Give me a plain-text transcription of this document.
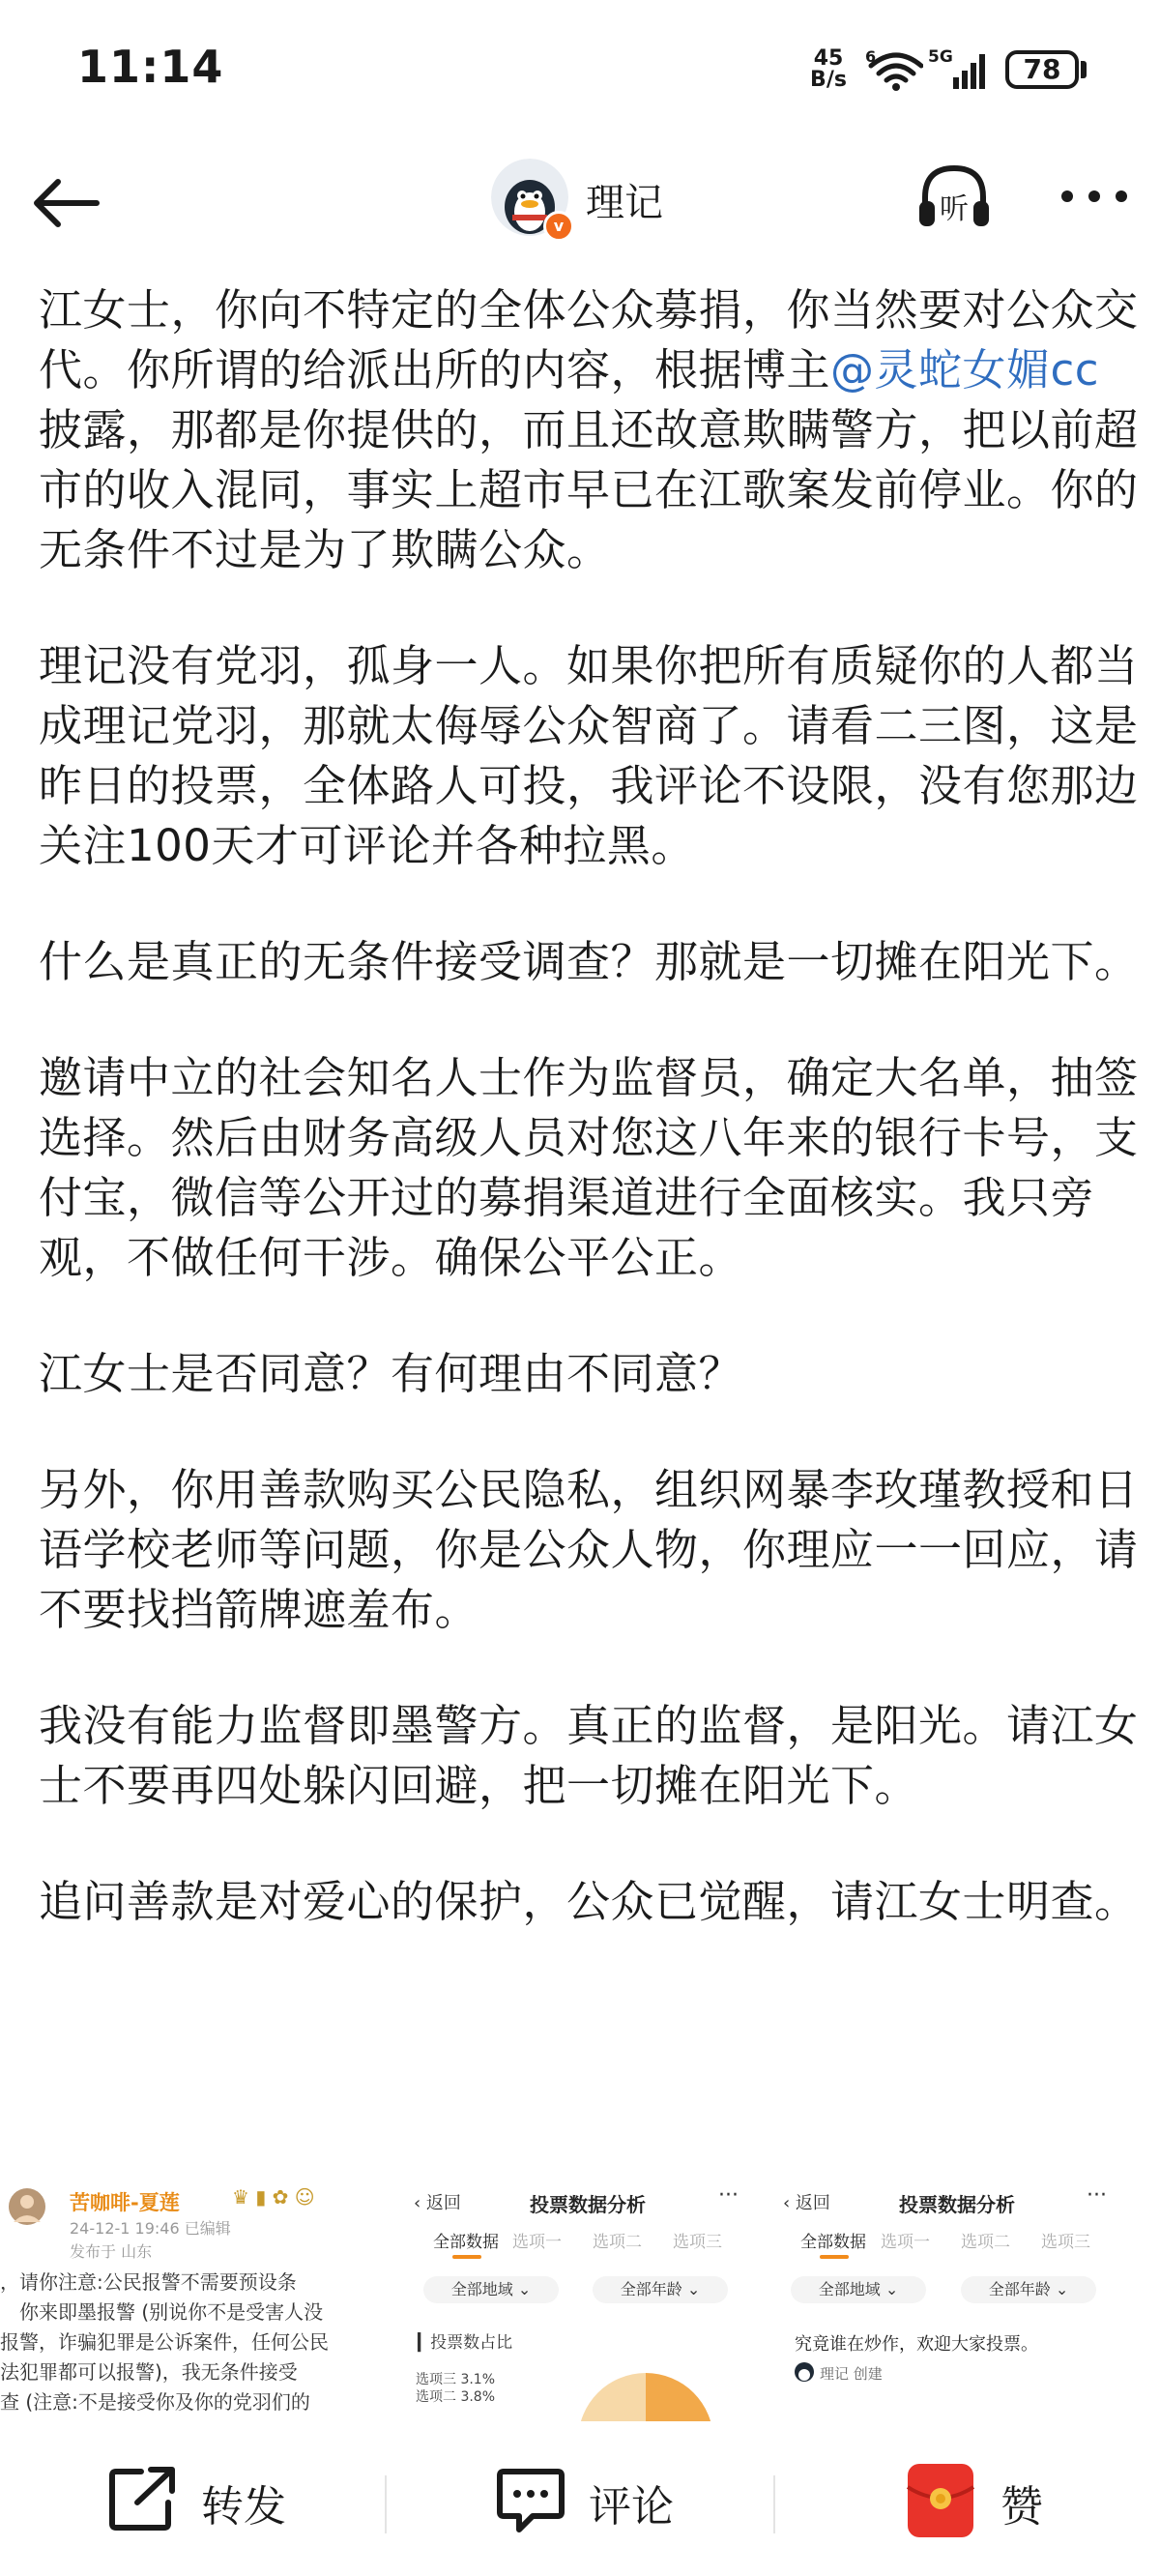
11:14	45
B/s
6	5G	78
v
理记	听

江女士，你向不特定的全体公众募捐，你当然要对公众交代。你所谓的给派出所的内容，根据博主@灵蛇女媚cc 披露，那都是你提供的，而且还故意欺瞒警方，把以前超市的收入混同，事实上超市早已在江歌案发前停业。你的无条件不过是为了欺瞒公众。

理记没有党羽，孤身一人。如果你把所有质疑你的人都当成理记党羽，那就太侮辱公众智商了。请看二三图，这是昨日的投票，全体路人可投，我评论不设限，没有您那边关注100天才可评论并各种拉黑。

什么是真正的无条件接受调查？那就是一切摊在阳光下。

邀请中立的社会知名人士作为监督员，确定大名单，抽签选择。然后由财务高级人员对您这八年来的银行卡号，支付宝，微信等公开过的募捐渠道进行全面核实。我只旁观，不做任何干涉。确保公平公正。

江女士是否同意？有何理由不同意？

另外，你用善款购买公民隐私，组织网暴李玫瑾教授和日语学校老师等问题，你是公众人物，你理应一一回应，请不要找挡箭牌遮羞布。

我没有能力监督即墨警方。真正的监督，是阳光。请江女士不要再四处躲闪回避，把一切摊在阳光下。

追问善款是对爱心的保护，公众已觉醒，请江女士明查。

苦咖啡-夏莲	♛ ▮ ✿ ☺
24-12-1 19:46 已编辑
发布于 山东
，请你注意:公民报警不需要预设条
你来即墨报警 (别说你不是受害人没
报警，诈骗犯罪是公诉案件，任何公民
法犯罪都可以报警)，我无条件接受
查 (注意:不是接受你及你的党羽们的
‹ 返回	投票数据分析	···
全部数据 选项一 选项二 选项三
全部地域 ⌄	全部年龄 ⌄
▎投票数占比
选项三 3.1%
选项二 3.8%
‹ 返回	投票数据分析	···
全部数据 选项一 选项二 选项三
全部地域 ⌄	全部年龄 ⌄
究竟谁在炒作，欢迎大家投票。
理记 创建
转发	评论	赞
